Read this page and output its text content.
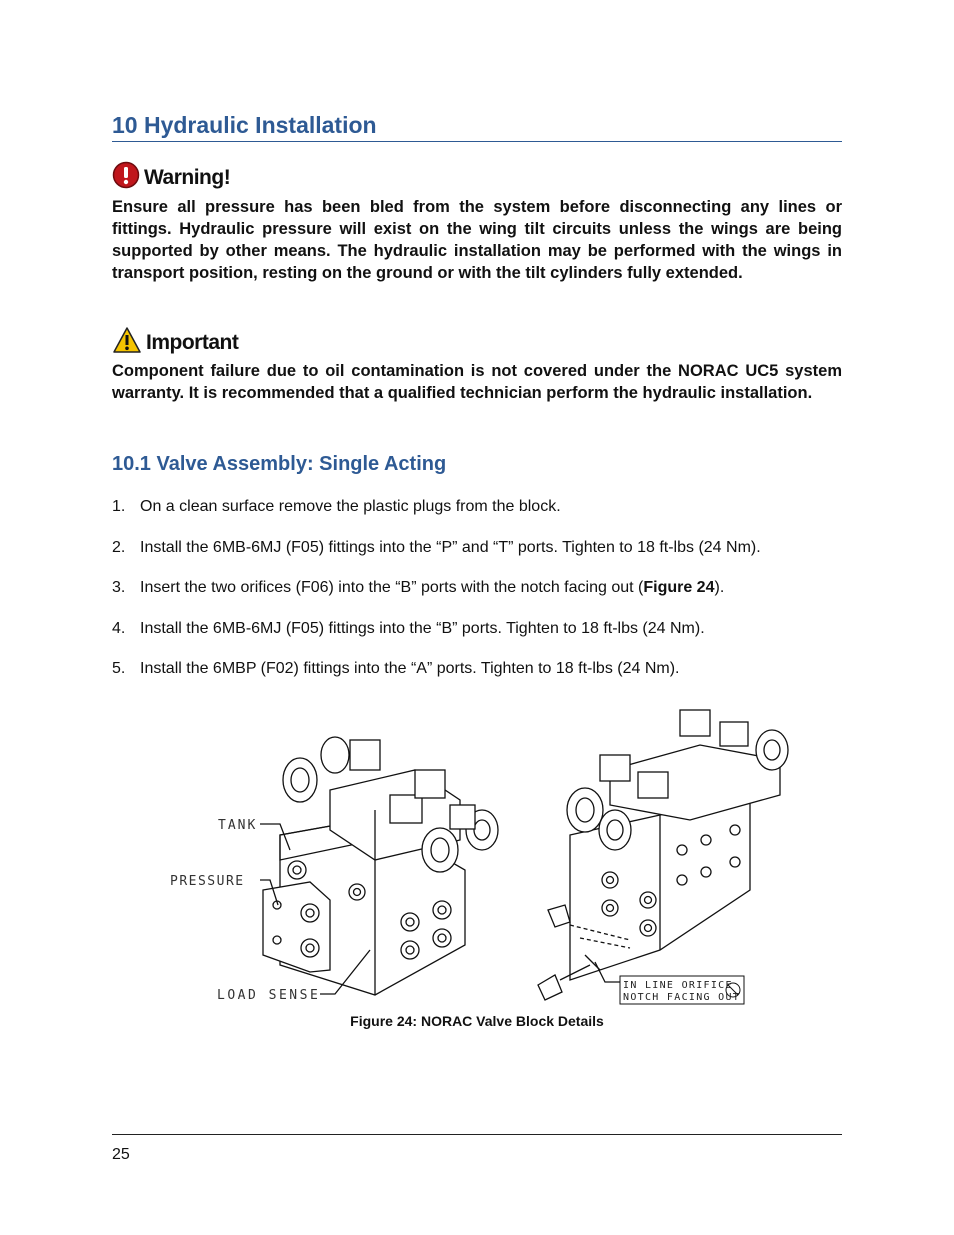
10 Hydraulic Installation
Warning!
Ensure all pressure has been bled from the system before disconnecting any lines or fittings. Hydraulic pressure will exist on the wing tilt circuits unless the wings are being supported by other means. The hydraulic installation may be performed with the wings in transport position, resting on the ground or with the tilt cylinders fully extended.
Important
Component failure due to oil contamination is not covered under the NORAC UC5 system warranty. It is recommended that a qualified technician perform the hydraulic installation.
10.1 Valve Assembly: Single Acting
1. On a clean surface remove the plastic plugs from the block.
2. Install the 6MB-6MJ (F05) fittings into the “P” and “T” ports. Tighten to 18 ft-lbs (24 Nm).
3. Insert the two orifices (F06) into the “B” ports with the notch facing out (Figure 24).
4. Install the 6MB-6MJ (F05) fittings into the “B” ports. Tighten to 18 ft-lbs (24 Nm).
5. Install the 6MBP (F02) fittings into the “A” ports. Tighten to 18 ft-lbs (24 Nm).
TANK
PRESSURE
LOAD SENSE
IN LINE ORIFICE
NOTCH FACING OUT
Figure 24: NORAC Valve Block Details
25
